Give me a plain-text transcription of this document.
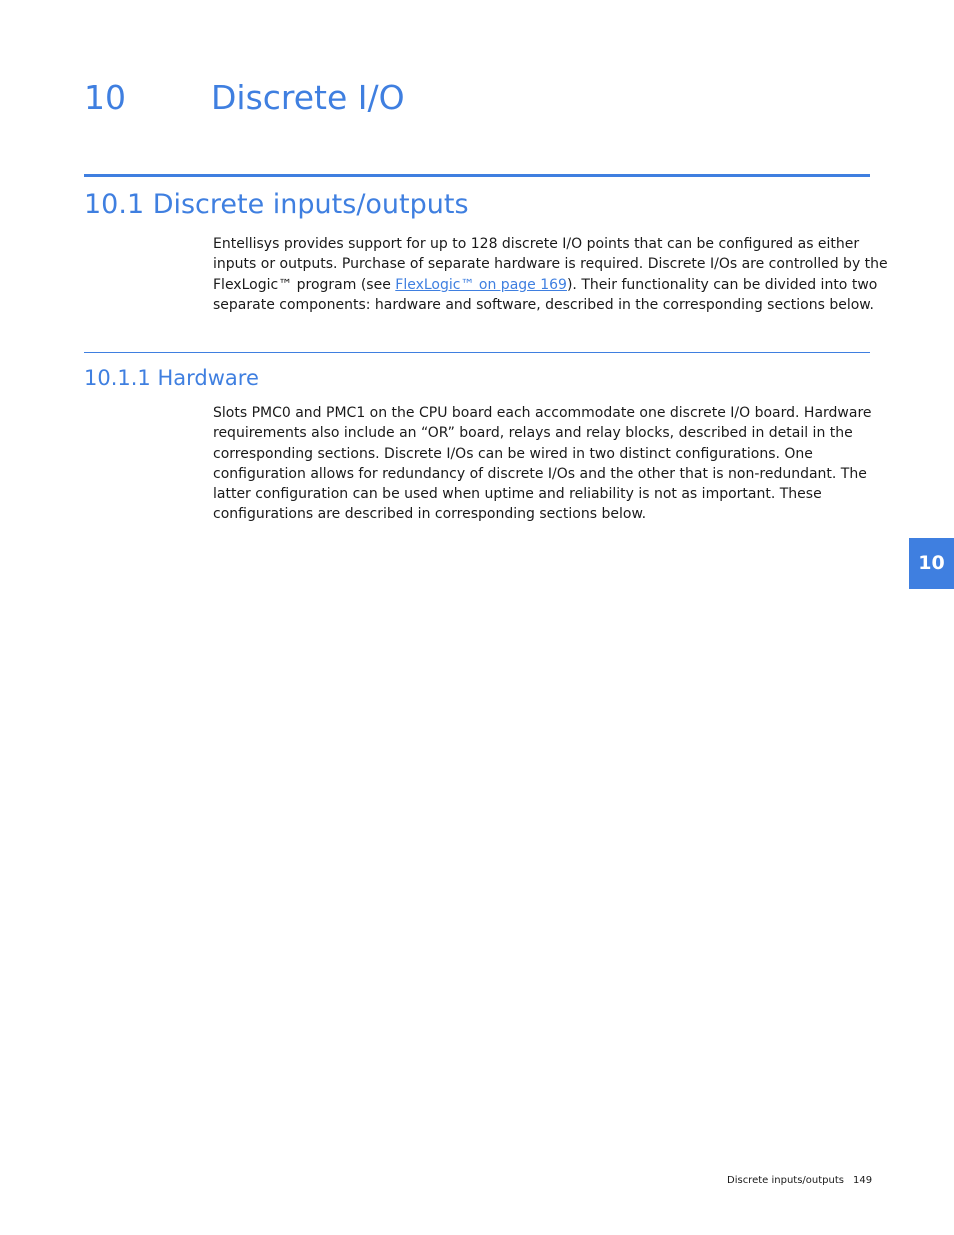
10	Discrete I/O
10.1 Discrete inputs/outputs

Entellisys provides support for up to 128 discrete I/O points that can be configured as either
inputs or outputs. Purchase of separate hardware is required. Discrete I/Os are controlled by the
FlexLogic™ program (see FlexLogic™ on page 169). Their functionality can be divided into two
separate components: hardware and software, described in the corresponding sections below.

10.1.1 Hardware

Slots PMC0 and PMC1 on the CPU board each accommodate one discrete I/O board. Hardware
requirements also include an “OR” board, relays and relay blocks, described in detail in the
corresponding sections. Discrete I/Os can be wired in two distinct configurations. One
configuration allows for redundancy of discrete I/Os and the other that is non-redundant. The
latter configuration can be used when uptime and reliability is not as important. These
configurations are described in corresponding sections below.

10
Discrete inputs/outputs 149
